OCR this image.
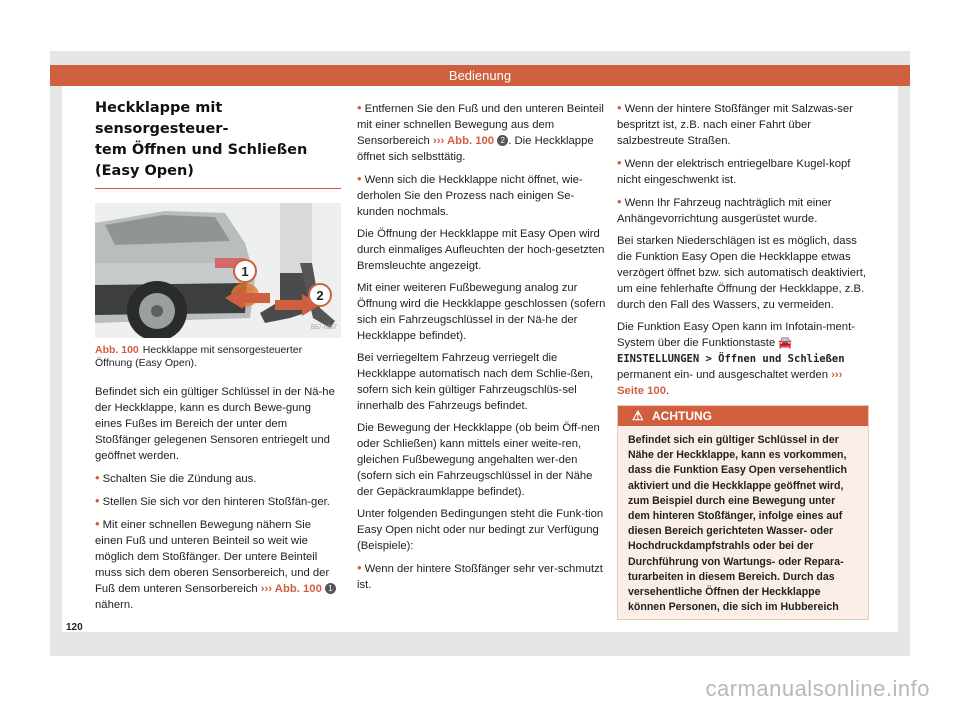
Bedienung
Heckklappe mit sensorgesteuer-
tem Öffnen und Schließen
(Easy Open)
1
2
B57-0387
Abb. 100 Heckklappe mit sensorgesteuerter Öffnung (Easy Open).

Befindet sich ein gültiger Schlüssel in der Nä-he der Heckklappe, kann es durch Bewe-gung eines Fußes im Bereich der unter dem Stoßfänger gelegenen Sensoren entriegelt und geöffnet werden.

• Schalten Sie die Zündung aus.
• Stellen Sie sich vor den hinteren Stoßfän-ger.
• Mit einer schnellen Bewegung nähern Sie einen Fuß und unteren Beinteil so weit wie möglich dem Stoßfänger. Der untere Beinteil muss sich dem oberen Sensorbereich, und der Fuß dem unteren Sensorbereich ››› Abb. 100 1 nähern.
• Entfernen Sie den Fuß und den unteren Beinteil mit einer schnellen Bewegung aus dem Sensorbereich ››› Abb. 100 2 . Die Heckklappe öffnet sich selbsttätig.
• Wenn sich die Heckklappe nicht öffnet, wie-derholen Sie den Prozess nach einigen Se-kunden nochmals.

Die Öffnung der Heckklappe mit Easy Open wird durch einmaliges Aufleuchten der hoch-gesetzten Bremsleuchte angezeigt.

Mit einer weiteren Fußbewegung analog zur Öffnung wird die Heckklappe geschlossen (sofern sich ein Fahrzeugschlüssel in der Nä-he der Heckklappe befindet).

Bei verriegeltem Fahrzeug verriegelt die Heckklappe automatisch nach dem Schlie-ßen, sofern sich kein gültiger Fahrzeugschlüs-sel innerhalb des Fahrzeugs befindet.

Die Bewegung der Heckklappe (ob beim Öff-nen oder Schließen) kann mittels einer weite-ren, gleichen Fußbewegung angehalten wer-den (sofern sich ein Fahrzeugschlüssel in der Nähe der Gepäckraumklappe befindet).

Unter folgenden Bedingungen steht die Funk-tion Easy Open nicht oder nur bedingt zur Verfügung (Beispiele):

• Wenn der hintere Stoßfänger sehr ver-schmutzt ist.
• Wenn der hintere Stoßfänger mit Salzwas-ser bespritzt ist, z.B. nach einer Fahrt über salzbestreute Straßen.
• Wenn der elektrisch entriegelbare Kugel-kopf nicht eingeschwenkt ist.
• Wenn Ihr Fahrzeug nachträglich mit einer Anhängevorrichtung ausgerüstet wurde.

Bei starken Niederschlägen ist es möglich, dass die Funktion Easy Open die Heckklappe etwas verzögert öffnet bzw. sich automatisch deaktiviert, um eine fehlerhafte Öffnung der Heckklappe, z.B. durch den Fall des Wassers, zu vermeiden.

Die Funktion Easy Open kann im Infotain-ment-System über die Funktionstaste 🚘 EINSTELLUNGEN > Öffnen und Schließen permanent ein- und ausgeschaltet werden ››› Seite 100.

⚠ ACHTUNG
Befindet sich ein gültiger Schlüssel in der Nähe der Heckklappe, kann es vorkommen, dass die Funktion Easy Open versehentlich aktiviert und die Heckklappe geöffnet wird, zum Beispiel durch eine Bewegung unter dem hinteren Stoßfänger, infolge eines auf diesen Bereich gerichteten Wasser- oder Hochdruckdampfstrahls oder bei der Durchführung von Wartungs- oder Repara-turarbeiten in diesem Bereich. Durch das versehentliche Öffnen der Heckklappe können Personen, die sich im Hubbereich
120
carmanualsonline.info
